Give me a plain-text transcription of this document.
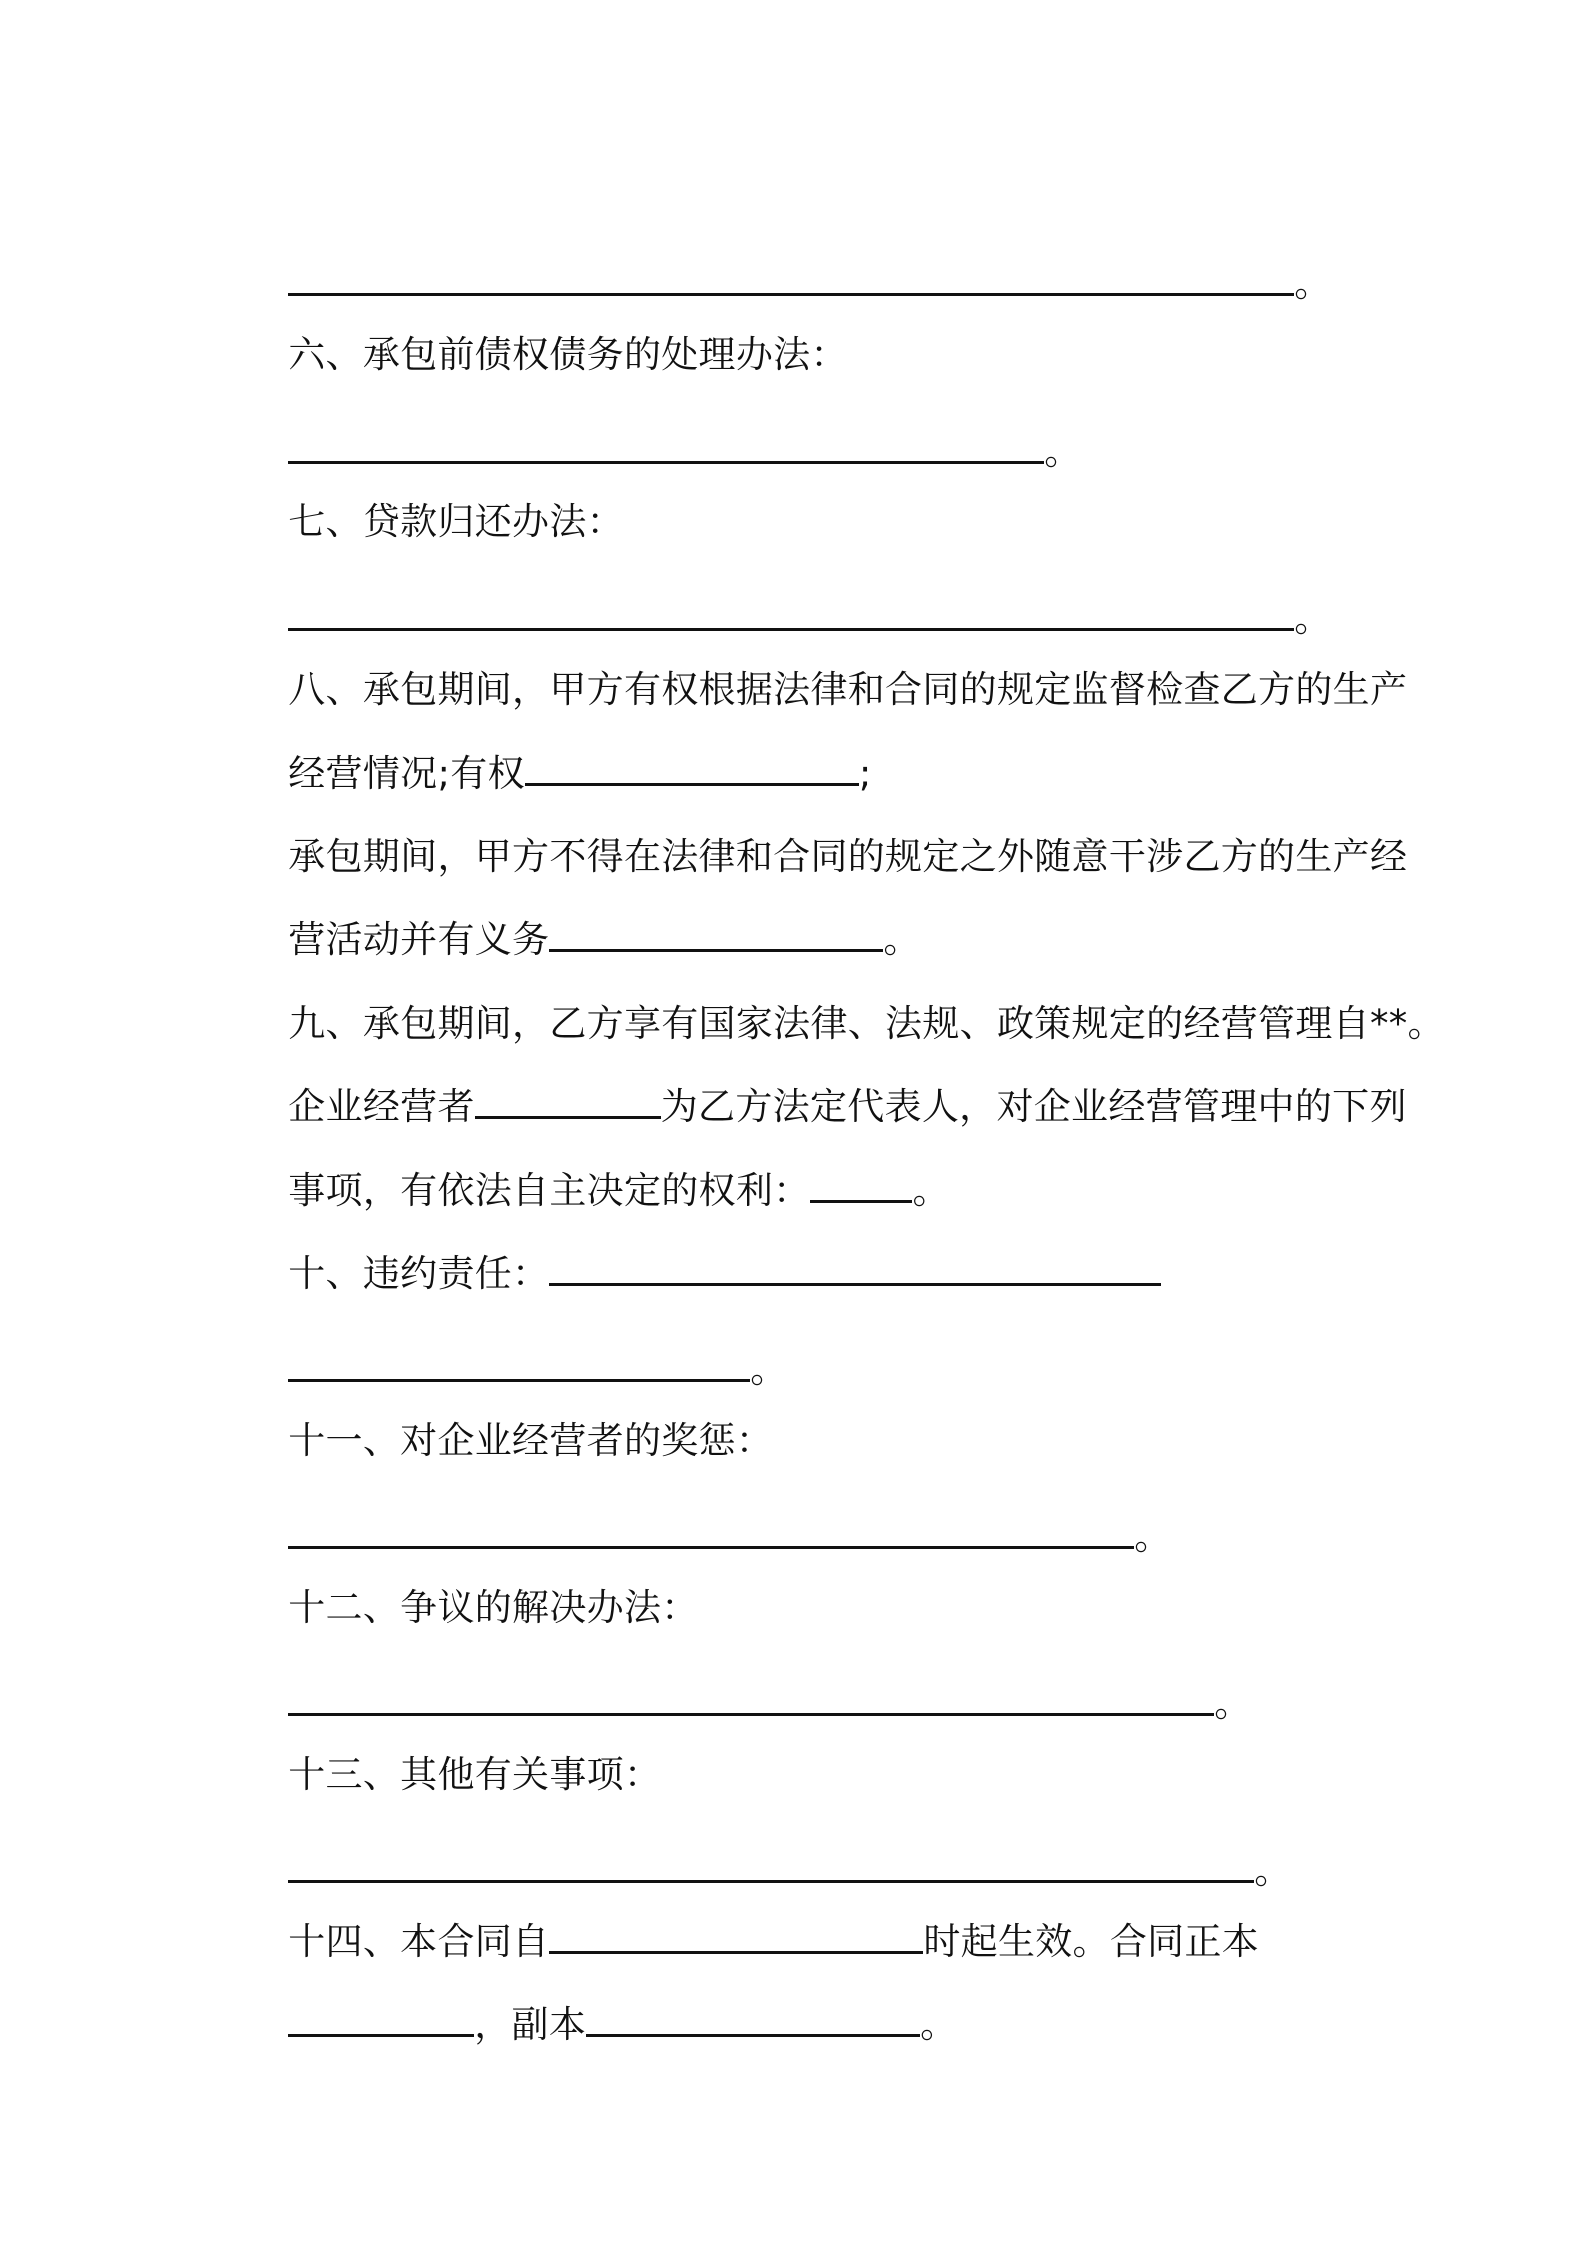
。

六、承包前债权债务的处理办法：

。

七、贷款归还办法：

。

八、承包期间，甲方有权根据法律和合同的规定监督检查乙方的生产

经营情况;有权	;

承包期间，甲方不得在法律和合同的规定之外随意干涉乙方的生产经

营活动并有义务	。

九、承包期间，乙方享有国家法律、法规、政策规定的经营管理自**。

企业经营者	为乙方法定代表人，对企业经营管理中的下列

事项，有依法自主决定的权利：	。

十、违约责任：

。

十一、对企业经营者的奖惩：

。

十二、争议的解决办法：

。

十三、其他有关事项：

。

十四、本合同自	时起生效。合同正本

，副本	。
